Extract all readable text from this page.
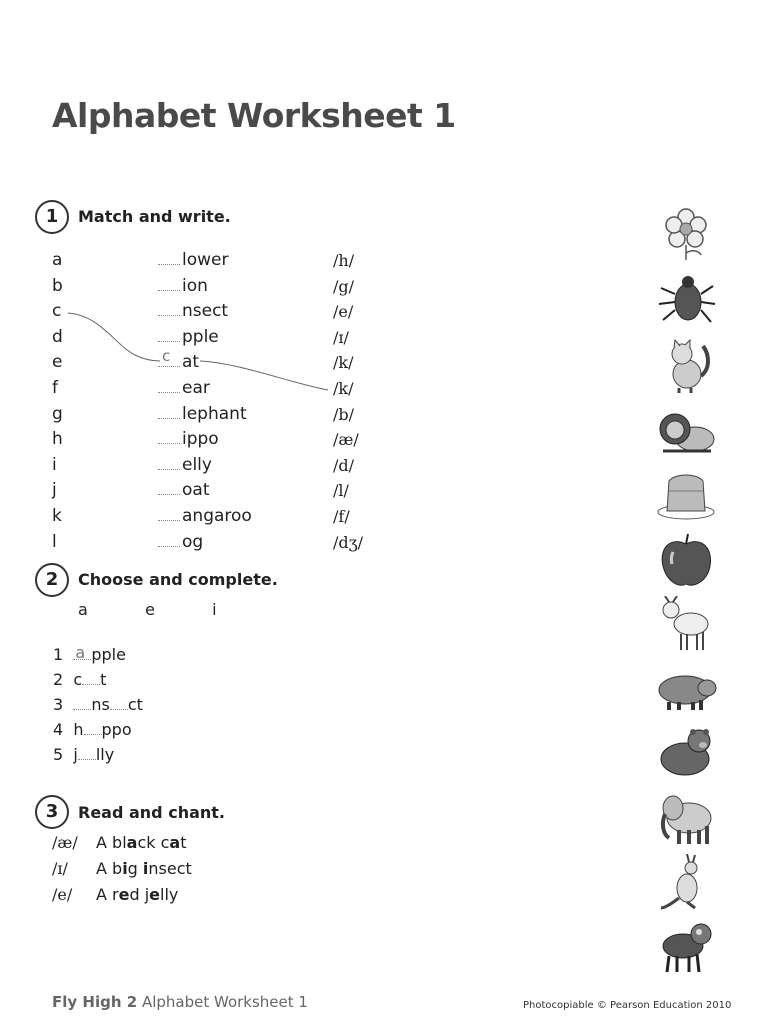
Alphabet Worksheet 1
1	Match and write.
a	lower	/h/
b	ion	/g/
c	nsect	/e/
d	pple	/ɪ/
e	c at	/k/
f	ear	/k/
g	lephant	/b/
h	ippo	/æ/
i	elly	/d/
j	oat	/l/
k	angaroo	/f/
l	og	/dʒ/
2	Choose and complete.
a   e   i
1 a pple
2 c t
3 ns ct
4 h ppo
5 j lly
3	Read and chant.
/æ/ A black cat
/ɪ/ A big insect
/e/ A red jelly
Fly High 2 Alphabet Worksheet 1	Photocopiable © Pearson Education 2010
